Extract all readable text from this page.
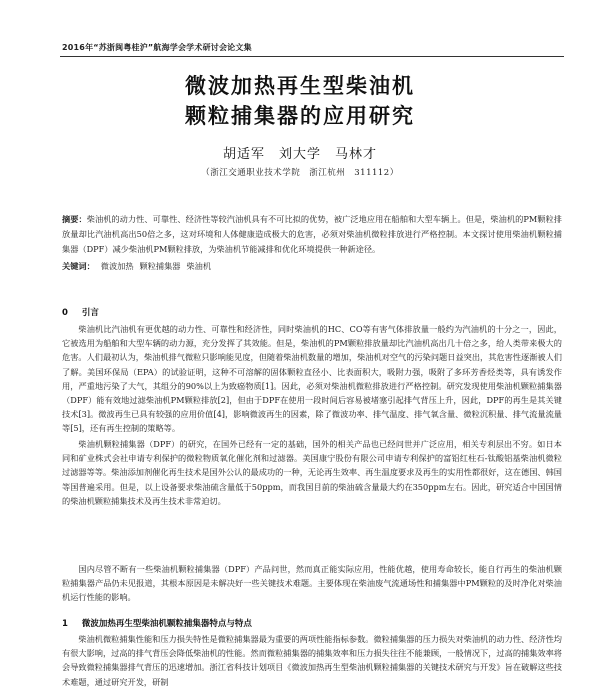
2016年“苏浙闽粤桂沪”航海学会学术研讨会论文集
微波加热再生型柴油机
颗粒捕集器的应用研究
胡适军　刘大学　马林才
（浙江交通职业技术学院　浙江杭州　311112）
摘要：柴油机的动力性、可靠性、经济性等较汽油机具有不可比拟的优势，被广泛地应用在船舶和大型车辆上。但是，柴油机的PM颗粒排放量却比汽油机高出50倍之多，这对环境和人体健康造成极大的危害，必须对柴油机微粒排放进行严格控制。本文探讨使用柴油机颗粒捕集器（DPF）减少柴油机PM颗粒排放，为柴油机节能减排和优化环境提供一种新途径。
关键词： 微波加热 颗粒捕集器 柴油机
0 引言

柴油机比汽油机有更优越的动力性、可靠性和经济性，同时柴油机的HC、CO等有害气体排放量一般约为汽油机的十分之一，因此，它被选用为船舶和大型车辆的动力源，充分发挥了其效能。但是，柴油机的PM颗粒排放量却比汽油机高出几十倍之多，给人类带来极大的危害。人们最初认为，柴油机排气微粒只影响能见度，但随着柴油机数量的增加，柴油机对空气的污染问题日益突出，其危害性逐渐被人们了解。美国环保局（EPA）的试验证明，这种不可溶解的固体颗粒直径小、比表面积大，吸附力强，吸附了多环芳香烃类等，具有诱发作用，严重地污染了大气，其组分的90%以上为致癌物质[1]。因此，必须对柴油机微粒排放进行严格控制。研究发现使用柴油机颗粒捕集器（DPF）能有效地过滤柴油机PM颗粒排放[2]，但由于DPF在使用一段时间后容易被堵塞引起排气背压上升，因此，DPF的再生是其关键技术[3]。微波再生已具有较强的应用价值[4]，影响微波再生的因素，除了微波功率、排气温度、排气氧含量、微粒沉积量、排气流量流量等[5]，还有再生控制的策略等。

柴油机颗粒捕集器（DPF）的研究，在国外已经有一定的基础，国外的相关产品也已经问世并广泛应用，相关专利层出不穷。如日本同和矿业株式会社申请专利保护的微粒物质氧化催化剂和过滤器。美国康宁股份有限公司申请专利保护的富铝红柱石-钛酸铝基柴油机微粒过滤器等等。柴油添加剂催化再生技术是国外公认的最成功的一种，无论再生效率、再生温度要求及再生的实用性都很好，这在德国、韩国等国普遍采用。但是，以上设备要求柴油硫含量低于50ppm，而我国目前的柴油硫含量最大约在350ppm左右。因此，研究适合中国国情的柴油机颗粒捕集技术及再生技术非常迫切。

国内尽管不断有一些柴油机颗粒捕集器（DPF）产品问世，然而真正能实际应用，性能优越，使用寿命较长，能自行再生的柴油机颗粒捕集器产品仍未见报道，其根本原因是未解决好一些关键技术难题。主要体现在柴油废气流通场性和捕集器中PM颗粒的及时净化对柴油机运行性能的影响。

1 微波加热再生型柴油机颗粒捕集器特点与特点

柴油机微粒捕集性能和压力损失特性是微粒捕集器最为重要的两项性能指标参数。微粒捕集器的压力损失对柴油机的动力性、经济性均有很大影响，过高的排气背压会降低柴油机的性能。然而微粒捕集器的捕集效率和压力损失往往不能兼顾，一般情况下，过高的捕集效率将会导致微粒捕集器排气背压的迅速增加。浙江省科技计划项目《微波加热再生型柴油机颗粒捕集器的关键技术研究与开发》旨在破解这些技术难题，通过研究开发，研制
